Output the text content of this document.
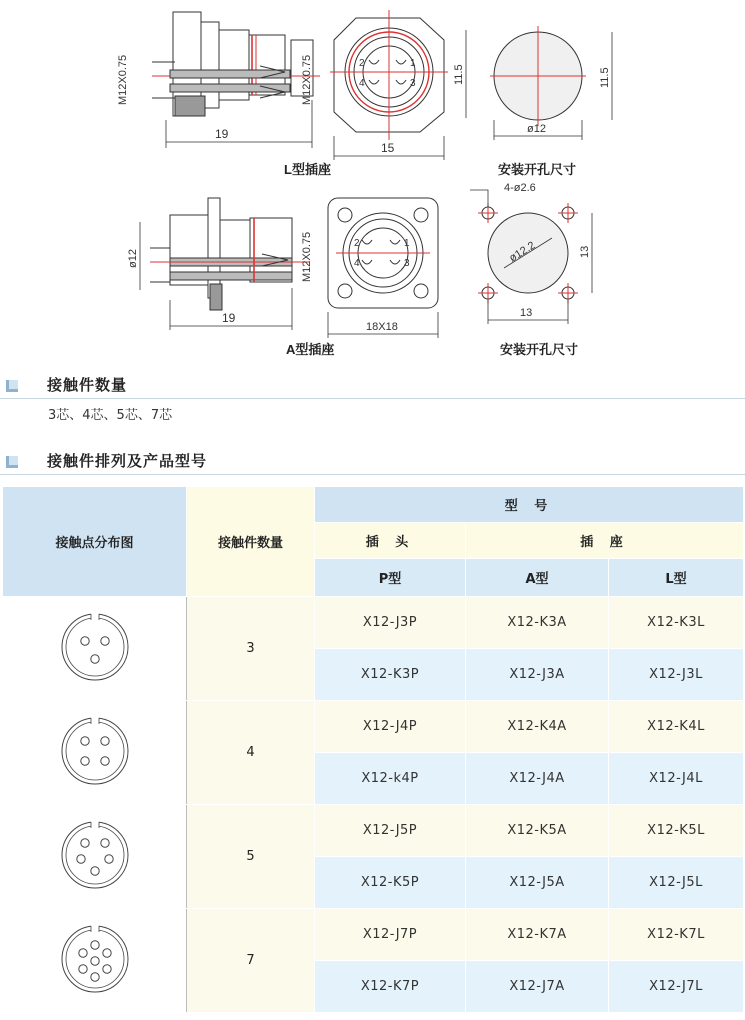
M12X0.75	M12X0.75
19
2	1
4	3	11.5
15
L型插座
11.5
ø12
安装开孔尺寸
ø12	M12X0.75
19
2	1
4	3
18X18
A型插座
4-ø2.6
ø12.2	13
13
安装开孔尺寸
接触件数量
3芯、4芯、5芯、7芯
接触件排列及产品型号
接触点分布图	接触件数量	型 号		
		插 头	插 座	
		P型	A型	L型
	3	X12-J3P	X12-K3A	X12-K3L
		X12-K3P	X12-J3A	X12-J3L
	4	X12-J4P	X12-K4A	X12-K4L
		X12-k4P	X12-J4A	X12-J4L
	5	X12-J5P	X12-K5A	X12-K5L
		X12-K5P	X12-J5A	X12-J5L
	7	X12-J7P	X12-K7A	X12-K7L
		X12-K7P	X12-J7A	X12-J7L
